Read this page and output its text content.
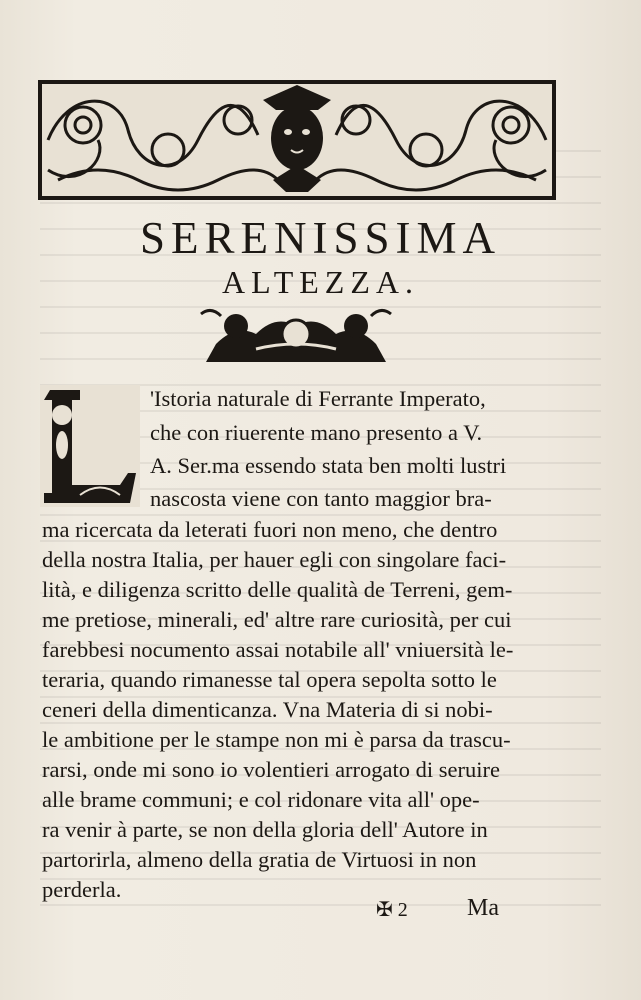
SERENISSIMA
ALTEZZA.
'Istoria naturale di Ferrante Imperato,
che con riuerente mano presento a V.
A. Ser.ma essendo stata ben molti lustri
nascosta viene con tanto maggior bra-
ma ricercata da leterati fuori non meno, che dentro
della nostra Italia, per hauer egli con singolare faci-
lità, e diligenza scritto delle qualità de Terreni, gem-
me pretiose, minerali, ed' altre rare curiosità, per cui
farebbesi nocumento assai notabile all' vniuersità le-
teraria, quando rimanesse tal opera sepolta sotto le
ceneri della dimenticanza. Vna Materia di si nobi-
le ambitione per le stampe non mi è parsa da trascu-
rarsi, onde mi sono io volentieri arrogato di seruire
alle brame communi; e col ridonare vita all' ope-
ra venir à parte, se non della gloria dell' Autore in
partorirla, almeno della gratia de Virtuosi in non
perderla.
✠ 2 Ma
